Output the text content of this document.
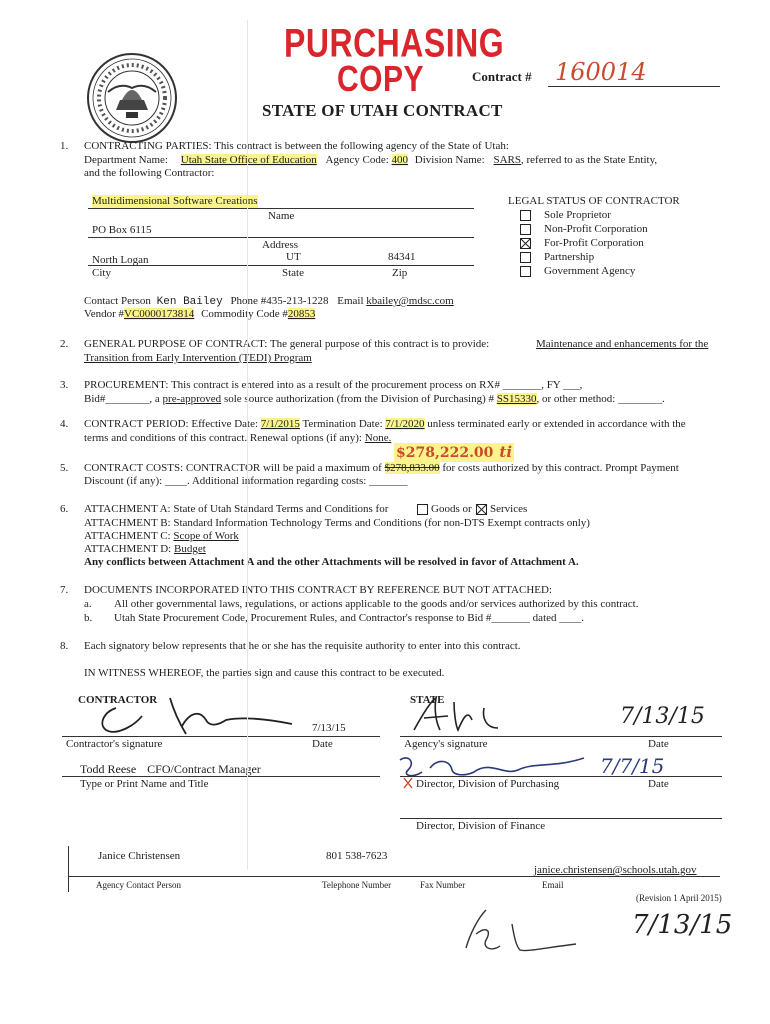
PURCHASING
COPY	Contract # 160014
STATE OF UTAH CONTRACT
1. CONTRACTING PARTIES: This contract is between the following agency of the State of Utah:
Department Name: Utah State Office of Education Agency Code: 400 Division Name: SARS, referred to as the State Entity,
and the following Contractor:
Multidimensional Software Creations
Name
PO Box 6115
Address
North Logan	UT	84341
City	State	Zip
LEGAL STATUS OF CONTRACTOR
Sole Proprietor
Non-Profit Corporation
For-Profit Corporation
Partnership
Government Agency
Contact Person Ken Bailey Phone #435-213-1228 Email kbailey@mdsc.com
Vendor #VC0000173814 Commodity Code #20853
2. GENERAL PURPOSE OF CONTRACT: The general purpose of this contract is to provide:	Maintenance and enhancements for the
Transition from Early Intervention (TEDI) Program
3. PROCUREMENT: This contract is entered into as a result of the procurement process on RX# _______, FY ___,
Bid#________, a pre-approved sole source authorization (from the Division of Purchasing) # SS15330, or other method: ________.
4. CONTRACT PERIOD: Effective Date: 7/1/2015 Termination Date: 7/1/2020 unless terminated early or extended in accordance with the
terms and conditions of this contract. Renewal options (if any): None.
$278,222.00 ti
5. CONTRACT COSTS: CONTRACTOR will be paid a maximum of $278,833.00 for costs authorized by this contract. Prompt Payment
Discount (if any): ____. Additional information regarding costs: _______
6. ATTACHMENT A: State of Utah Standard Terms and Conditions for	Goods or Services
ATTACHMENT B: Standard Information Technology Terms and Conditions (for non-DTS Exempt contracts only)
ATTACHMENT C: Scope of Work
ATTACHMENT D: Budget
Any conflicts between Attachment A and the other Attachments will be resolved in favor of Attachment A.
7. DOCUMENTS INCORPORATED INTO THIS CONTRACT BY REFERENCE BUT NOT ATTACHED:
a. All other governmental laws, regulations, or actions applicable to the goods and/or services authorized by this contract.
b. Utah State Procurement Code, Procurement Rules, and Contractor's response to Bid #_______ dated ____.
8. Each signatory below represents that he or she has the requisite authority to enter into this contract.
IN WITNESS WHEREOF, the parties sign and cause this contract to be executed.
CONTRACTOR	STATE
7/13/15
Contractor's signature	Date
7/13/15
Agency's signature	Date
Todd Reese CFO/Contract Manager
Type or Print Name and Title
7/7/15
Director, Division of Purchasing	Date
Director, Division of Finance
Janice Christensen	801 538-7623
janice.christensen@schools.utah.gov
Agency Contact Person	Telephone Number	Fax Number	Email
(Revision 1 April 2015)
7/13/15
